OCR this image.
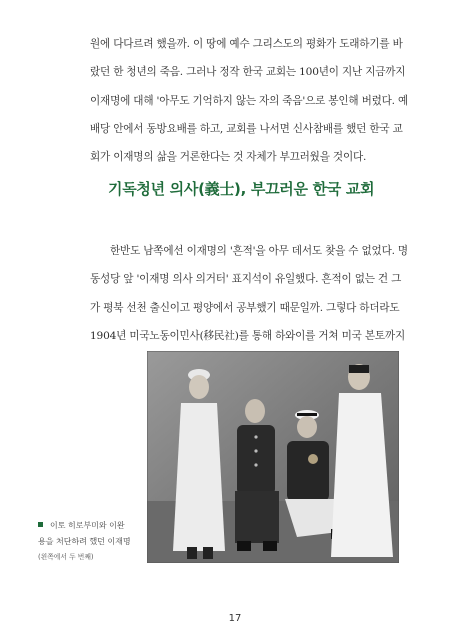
원에 다다르려 했을까. 이 땅에 예수 그리스도의 평화가 도래하기를 바
랐던 한 청년의 죽음. 그러나 정작 한국 교회는 100년이 지난 지금까지
이재명에 대해 '아무도 기억하지 않는 자의 죽음'으로 봉인해 버렸다. 예
배당 안에서 동방요배를 하고, 교회를 나서면 신사참배를 했던 한국 교
회가 이재명의 삶을 거론한다는 것 자체가 부끄러웠을 것이다.

기독청년 의사(義士), 부끄러운 한국 교회

한반도 남쪽에선 이재명의 '흔적'을 아무 데서도 찾을 수 없었다. 명
동성당 앞 '이재명 의사 의거터' 표지석이 유일했다. 흔적이 없는 건 그
가 평북 선천 출신이고 평양에서 공부했기 때문일까. 그렇다 하더라도
1904년 미국노동이민사(移民社)를 통해 하와이를 거쳐 미국 본토까지

이토 히로부미와 이완
용을 처단하려 했던 이재명
(왼쪽에서 두 번째)
17
